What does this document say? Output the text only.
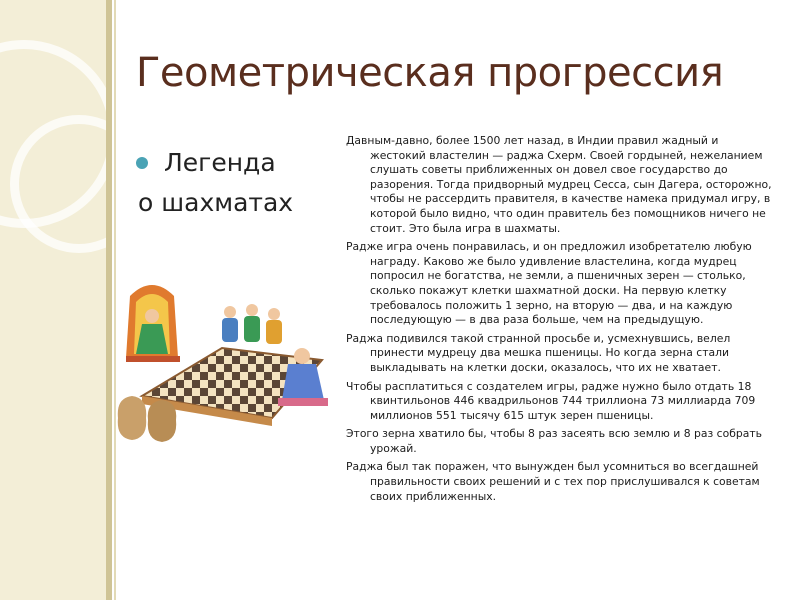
Геометрическая прогрессия
Легенда
о шахматах

Давным-давно, более 1500 лет назад, в Индии правил жадный и жестокий властелин — раджа Схерм. Своей гордыней, нежеланием слушать советы приближенных он довел свое государство до разорения. Тогда придворный мудрец Сесса, сын Дагера, осторожно, чтобы не рассердить правителя, в качестве намека придумал игру, в которой было видно, что один правитель без помощников ничего не стоит. Это была игра в шахматы.

Радже игра очень понравилась, и он предложил изобретателю любую награду. Каково же было удивление властелина, когда мудрец попросил не богатства, не земли, а пшеничных зерен — столько, сколько покажут клетки шахматной доски. На первую клетку требовалось положить 1 зерно, на вторую — два, и на каждую последующую — в два раза больше, чем на предыдущую.

Раджа подивился такой странной просьбе и, усмехнувшись, велел принести мудрецу два мешка пшеницы. Но когда зерна стали выкладывать на клетки доски, оказалось, что их не хватает.

Чтобы расплатиться с создателем игры, радже нужно было отдать 18 квинтильонов 446 квадрильонов 744 триллиона 73 миллиарда 709 миллионов 551 тысячу 615 штук зерен пшеницы.

Этого зерна хватило бы, чтобы 8 раз засеять всю землю и 8 раз собрать урожай.

Раджа был так поражен, что вынужден был усомниться во всегдашней правильности своих решений и с тех пор прислушивался к советам своих приближенных.
